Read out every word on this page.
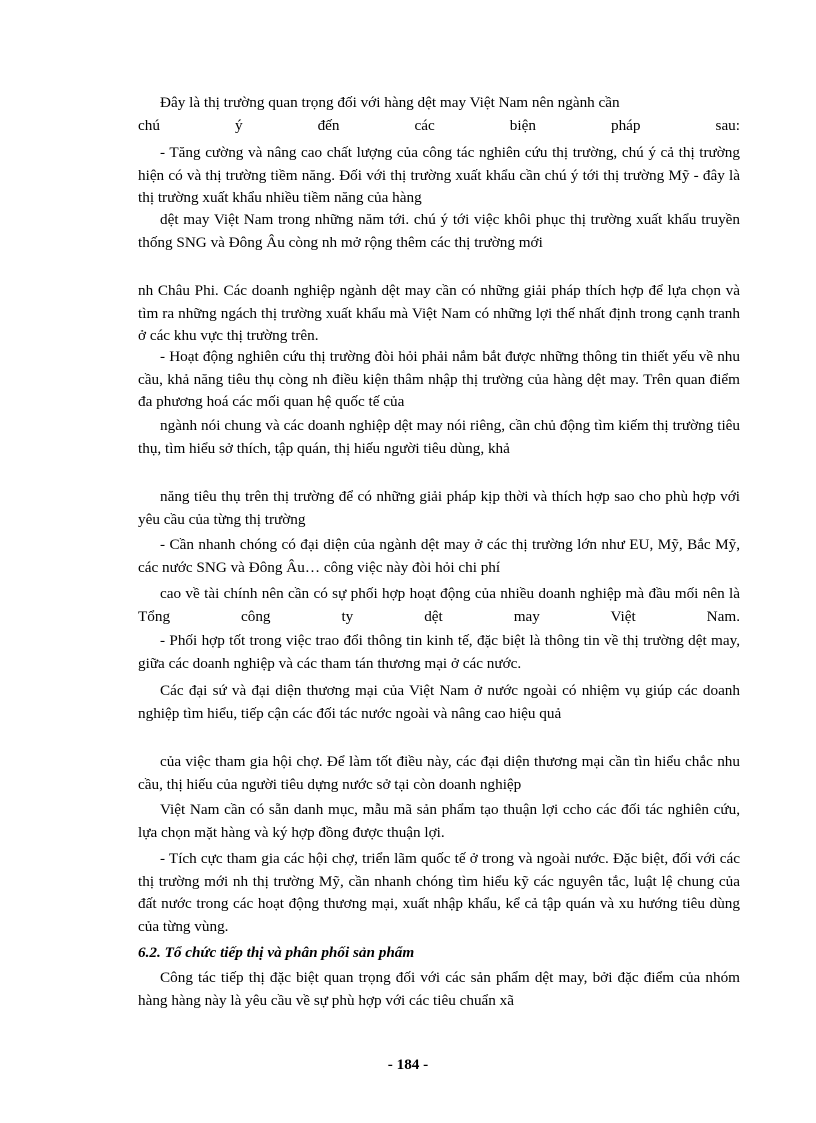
Đây là thị trường quan trọng đối với hàng dệt may Việt Nam nên ngành cần

chú ý đến các biện pháp sau:

- Tăng cường và nâng cao chất lượng của công tác nghiên cứu thị trường, chú ý cả thị trường hiện có và thị trường tiềm năng. Đối với thị trường xuất khẩu cần chú ý tới thị trường Mỹ - đây là thị trường xuất khẩu nhiều tiềm năng của hàng

dệt may Việt Nam trong những năm tới. chú ý tới việc khôi phục thị trường xuất khẩu truyền thống SNG và Đông Âu còng nh mở rộng thêm các thị trường mới

nh Châu Phi. Các doanh nghiệp ngành dệt may cần có những giải pháp thích hợp để lựa chọn và tìm ra những ngách thị trường xuất khẩu mà Việt Nam có những lợi thế nhất định trong cạnh tranh ở các khu vực thị trường trên.

- Hoạt động nghiên cứu thị trường đòi hỏi phải nắm bắt được những thông tin thiết yếu về nhu cầu, khả năng tiêu thụ còng nh điều kiện thâm nhập thị trường của hàng dệt may. Trên quan điểm đa phương hoá các mối quan hệ quốc tế của

ngành nói chung và các doanh nghiệp dệt may nói riêng, cần chủ động tìm kiếm thị trường tiêu thụ, tìm hiểu sở thích, tập quán, thị hiếu người tiêu dùng, khả

năng tiêu thụ trên thị trường để có những giải pháp kịp thời và thích hợp sao cho phù hợp với yêu cầu của từng thị trường

- Cần nhanh chóng có đại diện của ngành dệt may ở các thị trường lớn như EU, Mỹ, Bắc Mỹ, các nước SNG và Đông Âu… công việc này đòi hỏi chi phí

cao về tài chính nên cần có sự phối hợp hoạt động của nhiều doanh nghiệp mà đầu mối nên là Tổng công ty dệt may Việt Nam.

- Phối hợp tốt trong việc trao đổi thông tin kinh tế, đặc biệt là thông tin về thị trường dệt may, giữa các doanh nghiệp và các tham tán thương mại ở các nước.

Các đại sứ và đại diện thương mại của Việt Nam ở nước ngoài có nhiệm vụ giúp các doanh nghiệp tìm hiểu, tiếp cận các đối tác nước ngoài và nâng cao hiệu quả

của việc tham gia hội chợ. Để làm tốt điều này, các đại diện thương mại cần tìn hiểu chắc nhu cầu, thị hiếu của người tiêu dựng nước sở tại còn doanh nghiệp

Việt Nam cần có sẵn danh mục, mẫu mã sản phẩm tạo thuận lợi ccho các đối tác nghiên cứu, lựa chọn mặt hàng và ký hợp đồng được thuận lợi.

- Tích cực tham gia các hội chợ, triển lãm quốc tế ở trong và ngoài nước. Đặc biệt, đối với các thị trường mới nh thị trường Mỹ, cần nhanh chóng tìm hiểu kỹ các nguyên tắc, luật lệ chung của đất nước trong các hoạt động thương mại, xuất nhập khẩu, kể cả tập quán và xu hướng tiêu dùng của từng vùng.

6.2. Tổ chức tiếp thị và phân phối sản phẩm

Công tác tiếp thị đặc biệt quan trọng đối với các sản phẩm dệt may, bởi đặc điểm của nhóm hàng hàng này là yêu cầu về sự phù hợp với các tiêu chuẩn xã

- 184 -
